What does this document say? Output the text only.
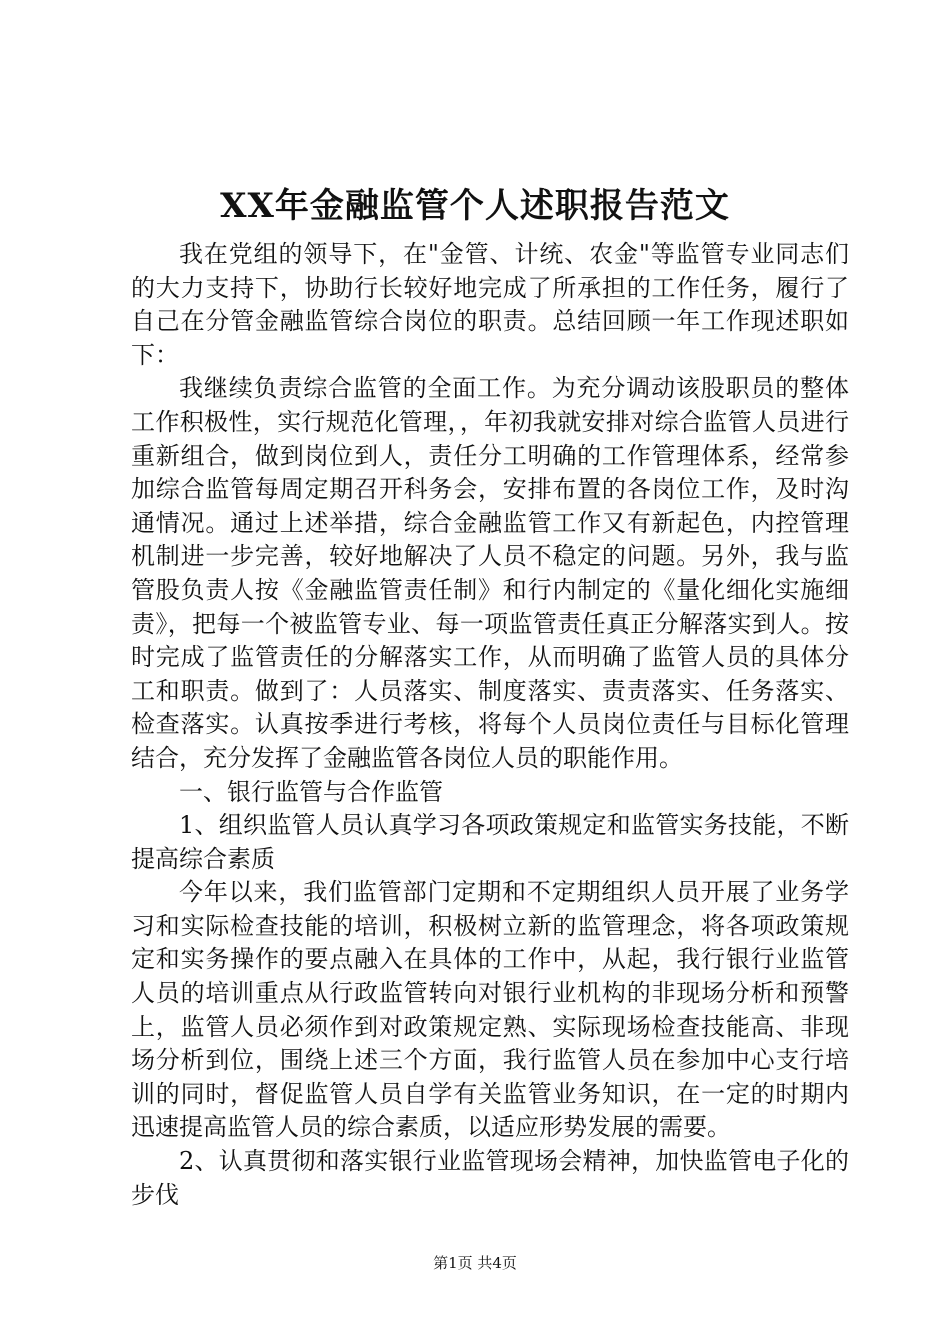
XX年金融监管个人述职报告范文

我在党组的领导下，在"金管、计统、农金"等监管专业同志们的大力支持下，协助行长较好地完成了所承担的工作任务，履行了自己在分管金融监管综合岗位的职责。总结回顾一年工作现述职如下：

我继续负责综合监管的全面工作。为充分调动该股职员的整体工作积极性，实行规范化管理，，年初我就安排对综合监管人员进行重新组合，做到岗位到人，责任分工明确的工作管理体系，经常参加综合监管每周定期召开科务会，安排布置的各岗位工作，及时沟通情况。通过上述举措，综合金融监管工作又有新起色，内控管理机制进一步完善，较好地解决了人员不稳定的问题。另外，我与监管股负责人按《金融监管责任制》和行内制定的《量化细化实施细责》，把每一个被监管专业、每一项监管责任真正分解落实到人。按时完成了监管责任的分解落实工作，从而明确了监管人员的具体分工和职责。做到了：人员落实、制度落实、责责落实、任务落实、检查落实。认真按季进行考核，将每个人员岗位责任与目标化管理结合，充分发挥了金融监管各岗位人员的职能作用。

一、银行监管与合作监管

1、组织监管人员认真学习各项政策规定和监管实务技能，不断提高综合素质

今年以来，我们监管部门定期和不定期组织人员开展了业务学习和实际检查技能的培训，积极树立新的监管理念，将各项政策规定和实务操作的要点融入在具体的工作中，从起，我行银行业监管人员的培训重点从行政监管转向对银行业机构的非现场分析和预警上，监管人员必须作到对政策规定熟、实际现场检查技能高、非现场分析到位，围绕上述三个方面，我行监管人员在参加中心支行培训的同时，督促监管人员自学有关监管业务知识，在一定的时期内迅速提高监管人员的综合素质，以适应形势发展的需要。

2、认真贯彻和落实银行业监管现场会精神，加快监管电子化的步伐

第1页 共4页
